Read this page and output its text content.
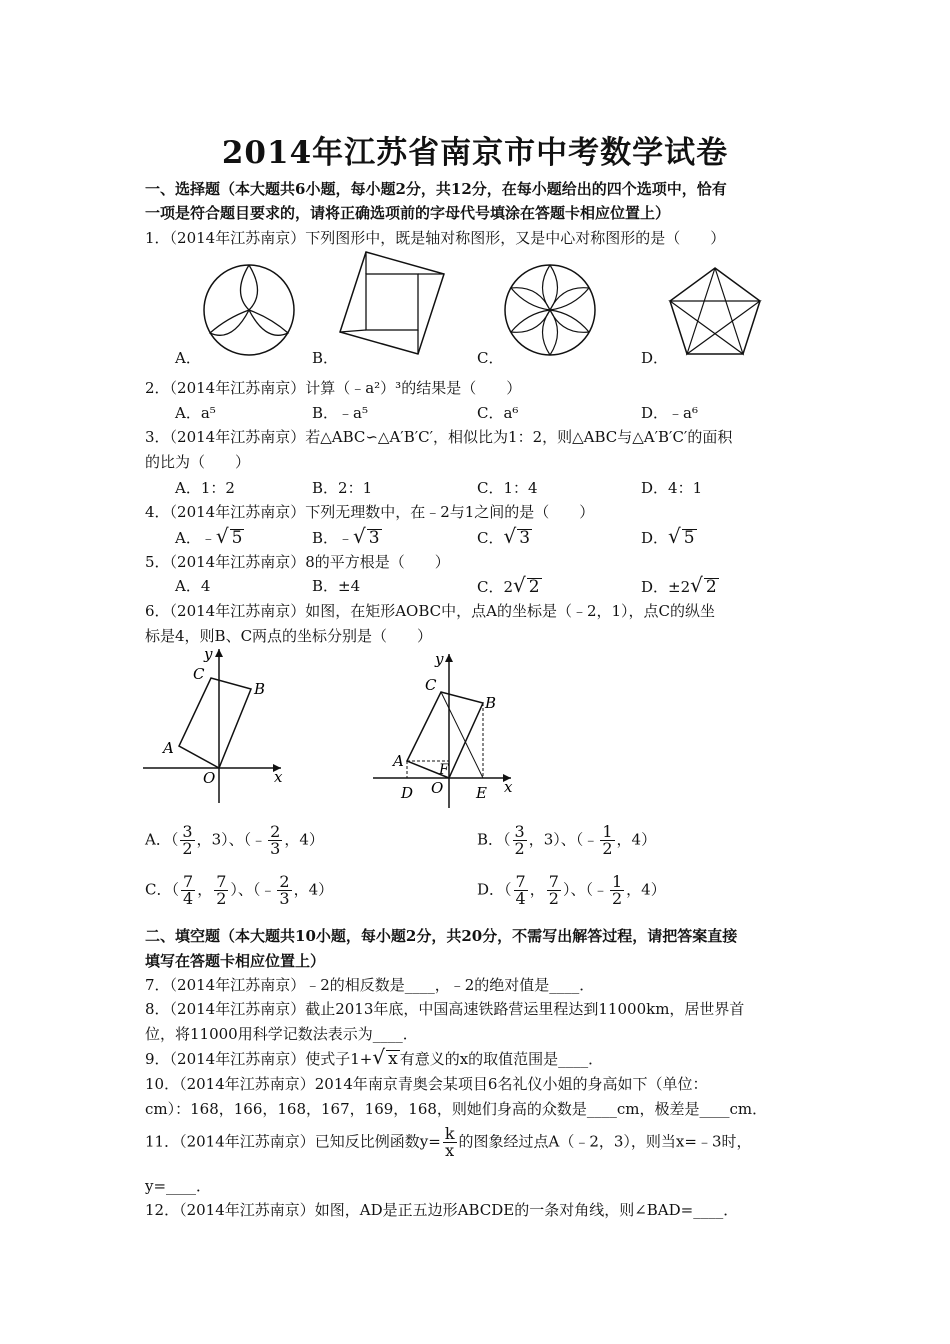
2014年江苏省南京市中考数学试卷
一、选择题（本大题共6小题，每小题2分，共12分，在每小题给出的四个选项中，恰有
一项是符合题目要求的，请将正确选项前的字母代号填涂在答题卡相应位置上）
1．（2014年江苏南京）下列图形中，既是轴对称图形，又是中心对称图形的是（　　）
A．	B．	C．	D．
2．（2014年江苏南京）计算（﹣a²）³的结果是（　　）
A．a⁵	B．﹣a⁵	C．a⁶	D．﹣a⁶
3．（2014年江苏南京）若△ABC∽△A′B′C′，相似比为1：2，则△ABC与△A′B′C′的面积
的比为（　　）
A．1：2	B．2：1	C．1：4	D．4：1
4．（2014年江苏南京）下列无理数中，在﹣2与1之间的是（　　）
A．﹣√ 5	B．﹣√ 3	C．√ 3	D．√ 5
5．（2014年江苏南京）8的平方根是（　　）
A．4	B．±4	C．2√ 2	D．±2√ 2
6．（2014年江苏南京）如图，在矩形AOBC中，点A的坐标是（﹣2，1），点C的纵坐
标是4，则B、C两点的坐标分别是（　　）
y
x
C
B
A
O
y
x
C
B
A	F
O
D	E
A．（ $\frac{3}{2}$ ，3）、（﹣ $\frac{2}{3}$ ，4）	B．（ $\frac{3}{2}$ ，3）、（﹣ $\frac{1}{2}$ ，4）
C．（ $\frac{7}{4}$ ， $\frac{7}{2}$ ）、（﹣ $\frac{2}{3}$ ，4）	D．（ $\frac{7}{4}$ ， $\frac{7}{2}$ ）、（﹣ $\frac{1}{2}$ ，4）
二、填空题（本大题共10小题，每小题2分，共20分，不需写出解答过程，请把答案直接
填写在答题卡相应位置上）
7．（2014年江苏南京）﹣2的相反数是____，﹣2的绝对值是____．
8．（2014年江苏南京）截止2013年底，中国高速铁路营运里程达到11000km，居世界首
位，将11000用科学记数法表示为____．
9．（2014年江苏南京）使式子1+√ x 有意义的x的取值范围是____．
10．（2014年江苏南京）2014年南京青奥会某项目6名礼仪小姐的身高如下（单位：
cm）：168，166，168，167，169，168，则她们身高的众数是____cm，极差是____cm．
11．（2014年江苏南京）已知反比例函数$y= \frac{k}{x}$ 的图象经过点A（﹣2，3），则当x=﹣3时，
y=____．
12．（2014年江苏南京）如图，AD是正五边形ABCDE的一条对角线，则∠BAD=____．
